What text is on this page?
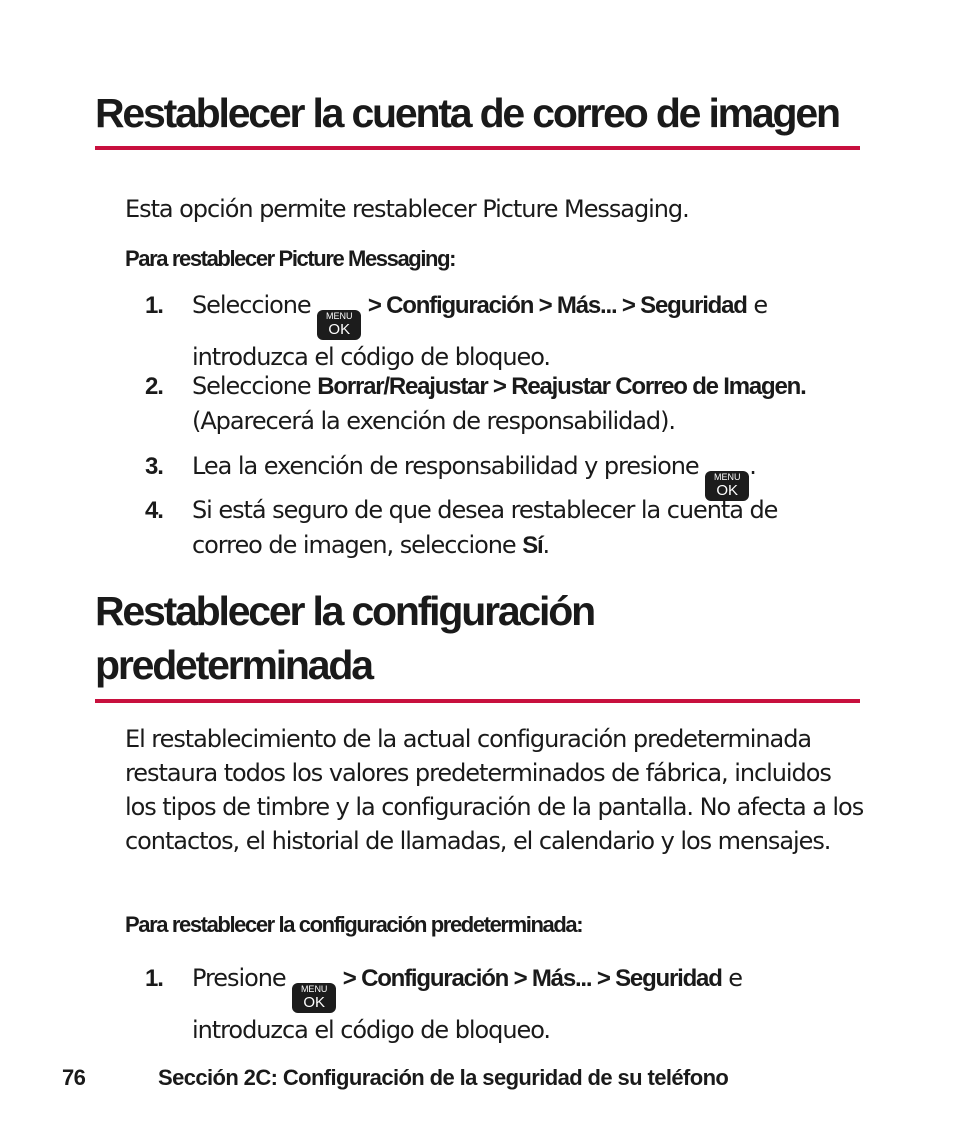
Restablecer la cuenta de correo de imagen

Esta opción permite restablecer Picture Messaging.

Para restablecer Picture Messaging:

1. Seleccione MENU
OK
> Configuración > Más... > Seguridad e introduzca el código de bloqueo.
2. Seleccione Borrar/Reajustar > Reajustar Correo de Imagen. (Aparecerá la exención de responsabilidad).
3. Lea la exención de responsabilidad y presione MENU
OK
.
4. Si está seguro de que desea restablecer la cuenta de correo de imagen, seleccione Sí.
Restablecer la configuración predeterminada

El restablecimiento de la actual configuración predeterminada restaura todos los valores predeterminados de fábrica, incluidos los tipos de timbre y la configuración de la pantalla. No afecta a los contactos, el historial de llamadas, el calendario y los mensajes.

Para restablecer la configuración predeterminada:

1. Presione MENU
OK
> Configuración > Más... > Seguridad e introduzca el código de bloqueo.
76	Sección 2C: Configuración de la seguridad de su teléfono
